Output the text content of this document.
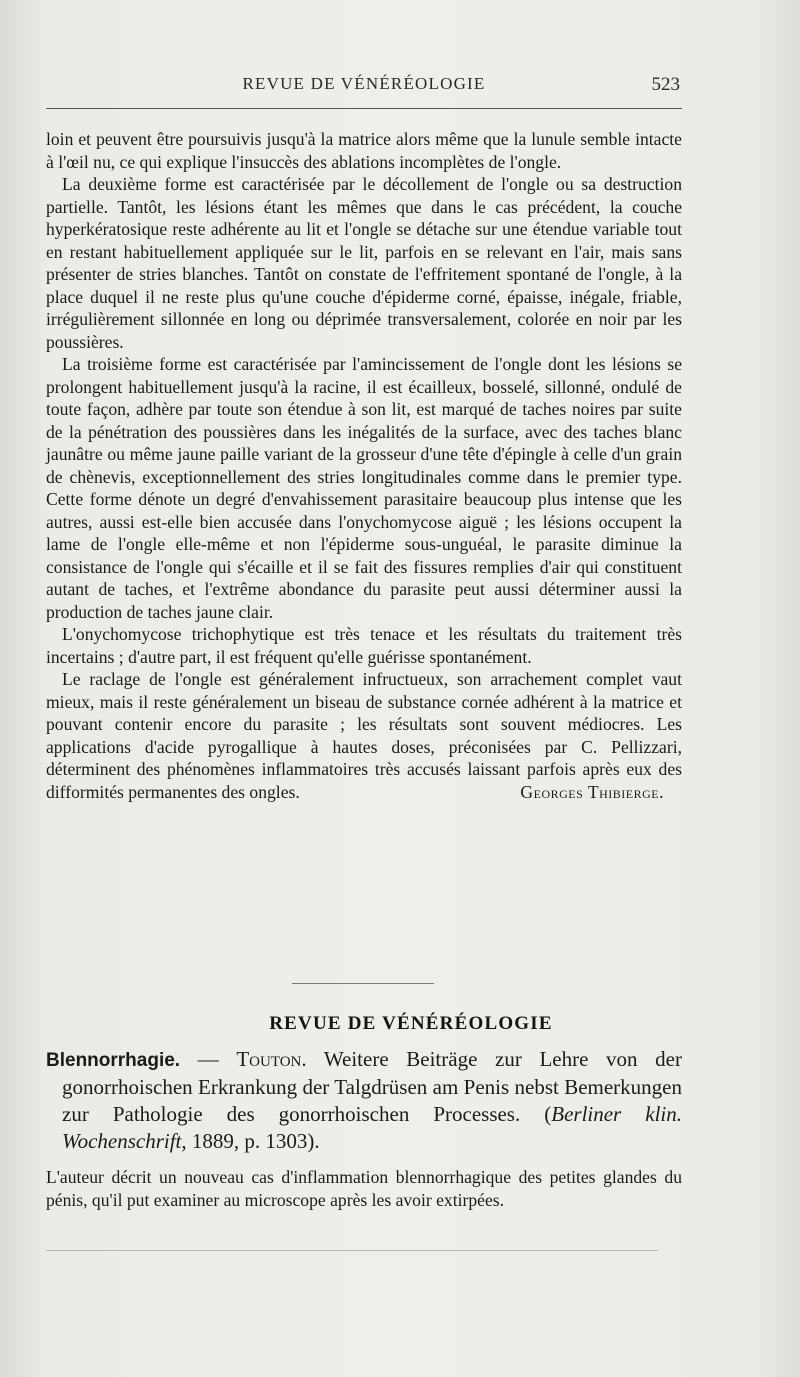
REVUE DE VÉNÉRÉOLOGIE	523

loin et peuvent être poursuivis jusqu'à la matrice alors même que la lunule semble intacte à l'œil nu, ce qui explique l'insuccès des ablations incomplètes de l'ongle.

La deuxième forme est caractérisée par le décollement de l'ongle ou sa destruction partielle. Tantôt, les lésions étant les mêmes que dans le cas précédent, la couche hyperkératosique reste adhérente au lit et l'ongle se détache sur une étendue variable tout en restant habituellement appliquée sur le lit, parfois en se relevant en l'air, mais sans présenter de stries blanches. Tantôt on constate de l'effritement spontané de l'ongle, à la place duquel il ne reste plus qu'une couche d'épiderme corné, épaisse, inégale, friable, irrégulièrement sillonnée en long ou déprimée transversalement, colorée en noir par les poussières.

La troisième forme est caractérisée par l'amincissement de l'ongle dont les lésions se prolongent habituellement jusqu'à la racine, il est écailleux, bosselé, sillonné, ondulé de toute façon, adhère par toute son étendue à son lit, est marqué de taches noires par suite de la pénétration des poussières dans les inégalités de la surface, avec des taches blanc jaunâtre ou même jaune paille variant de la grosseur d'une tête d'épingle à celle d'un grain de chènevis, exceptionnellement des stries longitudinales comme dans le premier type. Cette forme dénote un degré d'envahissement parasitaire beaucoup plus intense que les autres, aussi est-elle bien accusée dans l'onychomycose aiguë ; les lésions occupent la lame de l'ongle elle-même et non l'épiderme sous-unguéal, le parasite diminue la consistance de l'ongle qui s'écaille et il se fait des fissures remplies d'air qui constituent autant de taches, et l'extrême abondance du parasite peut aussi déterminer aussi la production de taches jaune clair.

L'onychomycose trichophytique est très tenace et les résultats du traitement très incertains ; d'autre part, il est fréquent qu'elle guérisse spontanément.

Le raclage de l'ongle est généralement infructueux, son arrachement complet vaut mieux, mais il reste généralement un biseau de substance cornée adhérent à la matrice et pouvant contenir encore du parasite ; les résultats sont souvent médiocres. Les applications d'acide pyrogallique à hautes doses, préconisées par C. Pellizzari, déterminent des phénomènes inflammatoires très accusés laissant parfois après eux des difformités permanentes des ongles.	Georges Thibierge.

REVUE DE VÉNÉRÉOLOGIE
Blennorrhagie. — Touton. Weitere Beiträge zur Lehre von der gonorrhoischen Erkrankung der Talgdrüsen am Penis nebst Bemerkungen zur Pathologie des gonorrhoischen Processes. (Berliner klin. Wochenschrift, 1889, p. 1303).

L'auteur décrit un nouveau cas d'inflammation blennorrhagique des petites glandes du pénis, qu'il put examiner au microscope après les avoir extirpées.
